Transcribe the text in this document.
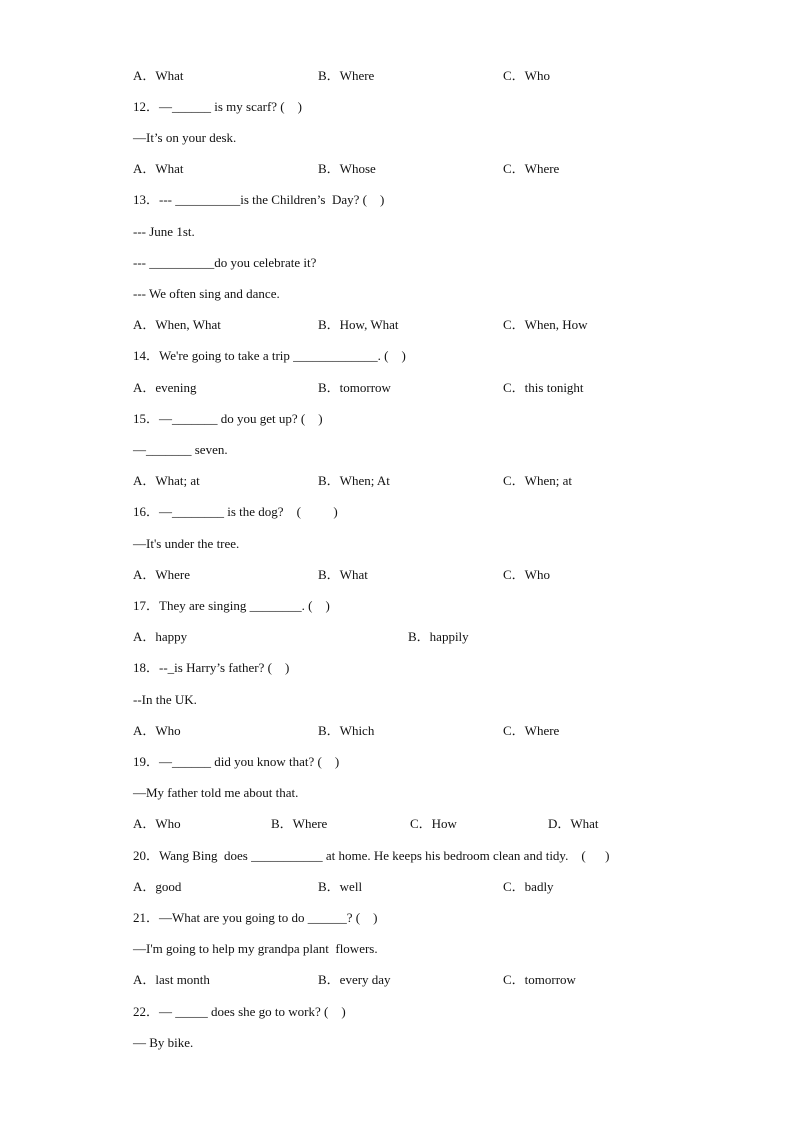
A．What	B．Where	C．Who
12．—______ is my scarf? (    )
—It’s on your desk.
A．What	B．Whose	C．Where
13．--- __________is the Children’s  Day? (    )
--- June 1st.
--- __________do you celebrate it?
--- We often sing and dance.
A．When, What	B．How, What	C．When, How
14．We're going to take a trip _____________. (    )
A．evening	B．tomorrow	C．this tonight
15．—_______ do you get up? (    )
—_______ seven.
A．What; at	B．When; At	C．When; at
16．—________ is the dog?    (          )
—It's under the tree.
A．Where	B．What	C．Who
17．They are singing ________. (    )
A．happy	B．happily
18．--_is Harry’s father? (    )
--In the UK.
A．Who	B．Which	C．Where
19．—______ did you know that? (    )
—My father told me about that.
A．Who	B．Where	C．How	D．What
20．Wang Bing  does ___________ at home. He keeps his bedroom clean and tidy.    (      )
A．good	B．well	C．badly
21．—What are you going to do ______? (    )
—I'm going to help my grandpa plant  flowers.
A．last month	B．every day	C．tomorrow
22．— _____ does she go to work? (    )
— By bike.
